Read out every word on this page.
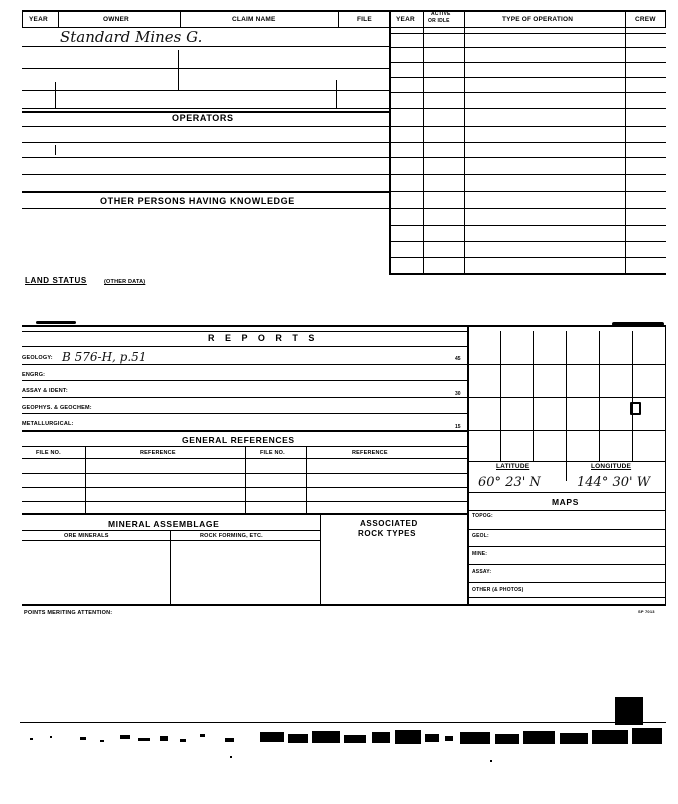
YEAR	OWNER	CLAIM NAME	FILE	YEAR
ACTIVE
OR IDLE	TYPE OF OPERATION	CREW
Standard Mines G.
OPERATORS
OTHER PERSONS HAVING KNOWLEDGE
LAND STATUS	(OTHER DATA)
R E P O R T S
GEOLOGY: B 576-H, p.51	45
ENGRG:
ASSAY & IDENT:	30
GEOPHYS. & GEOCHEM:
METALLURGICAL:	15
GENERAL REFERENCES
FILE NO.	REFERENCE	FILE NO.	REFERENCE
MINERAL ASSEMBLAGE	ASSOCIATED
ROCK TYPES
ORE MINERALS	ROCK FORMING, ETC.
LATITUDE	LONGITUDE
60° 23' N	144° 30' W
MAPS
TOPOG:
GEOL:
MINE:
ASSAY:
OTHER (& PHOTOS)
POINTS MERITING ATTENTION:	SP 7013
